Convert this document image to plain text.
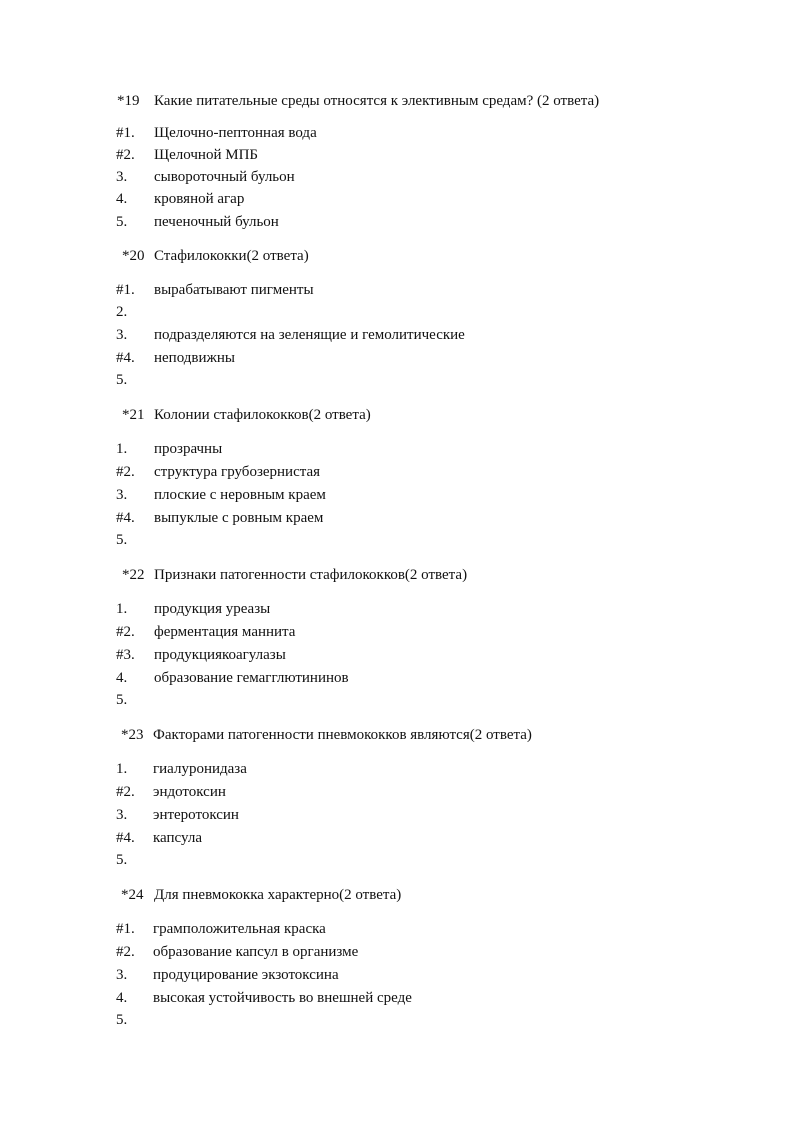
*19 Какие питательные среды относятся к элективным средам? (2 ответа)
#1. Щелочно-пептонная вода
#2. Щелочной МПБ
3. сывороточный бульон
4. кровяной агар
5. печеночный бульон
*20 Стафилококки(2 ответа)
#1. вырабатывают пигменты
2.
3. подразделяются на зеленящие и гемолитические
#4. неподвижны
5.
*21 Колонии стафилококков(2 ответа)
1. прозрачны
#2. структура грубозернистая
3. плоские с неровным краем
#4. выпуклые с ровным краем
5.
*22 Признаки патогенности стафилококков(2 ответа)
1. продукция уреазы
#2. ферментация маннита
#3. продукциякоагулазы
4. образование гемагглютининов
5.
*23 Факторами патогенности пневмококков являются(2 ответа)
1. гиалуронидаза
#2. эндотоксин
3. энтеротоксин
#4. капсула
5.
*24 Для пневмококка характерно(2 ответа)
#1. грамположительная краска
#2. образование капсул в организме
3. продуцирование экзотоксина
4. высокая устойчивость во внешней среде
5.
